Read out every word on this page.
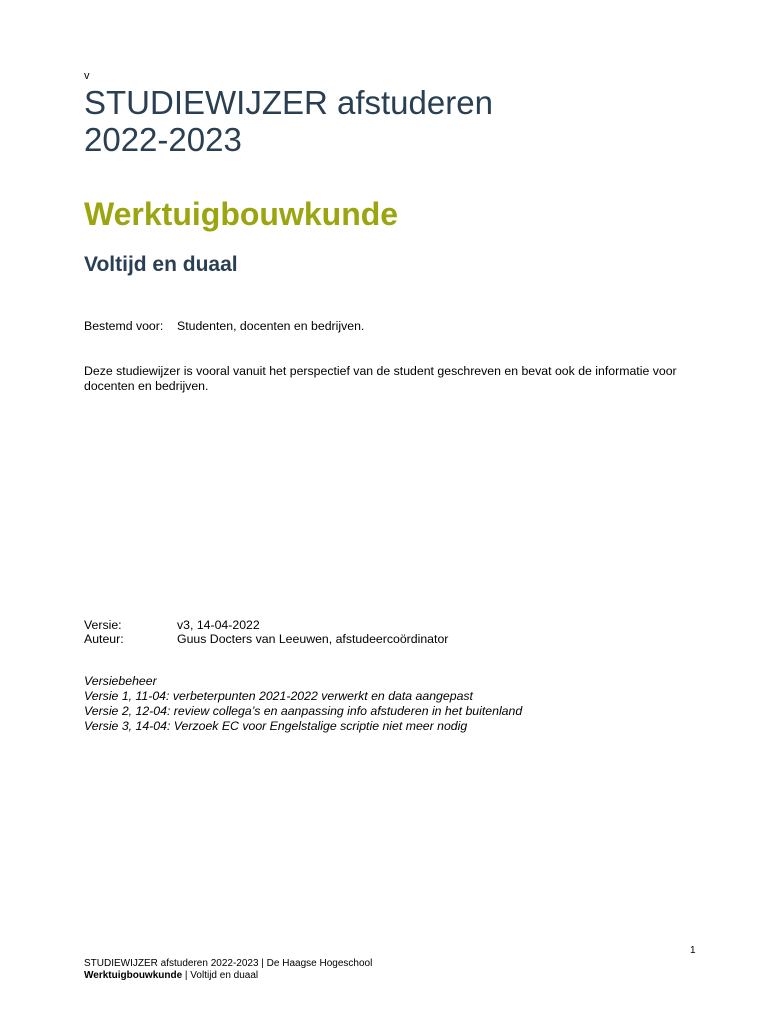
v
STUDIEWIJZER afstuderen
2022-2023
Werktuigbouwkunde
Voltijd en duaal
Bestemd voor: Studenten, docenten en bedrijven.

Deze studiewijzer is vooral vanuit het perspectief van de student geschreven en bevat ook de informatie voor docenten en bedrijven.

Versie:	v3, 14-04-2022
Auteur:	Guus Docters van Leeuwen, afstudeercoördinator
Versiebeheer
Versie 1, 11-04: verbeterpunten 2021-2022 verwerkt en data aangepast
Versie 2, 12-04: review collega’s en aanpassing info afstuderen in het buitenland
Versie 3, 14-04: Verzoek EC voor Engelstalige scriptie niet meer nodig
1
STUDIEWIJZER afstuderen 2022-2023 | De Haagse Hogeschool
Werktuigbouwkunde | Voltijd en duaal
